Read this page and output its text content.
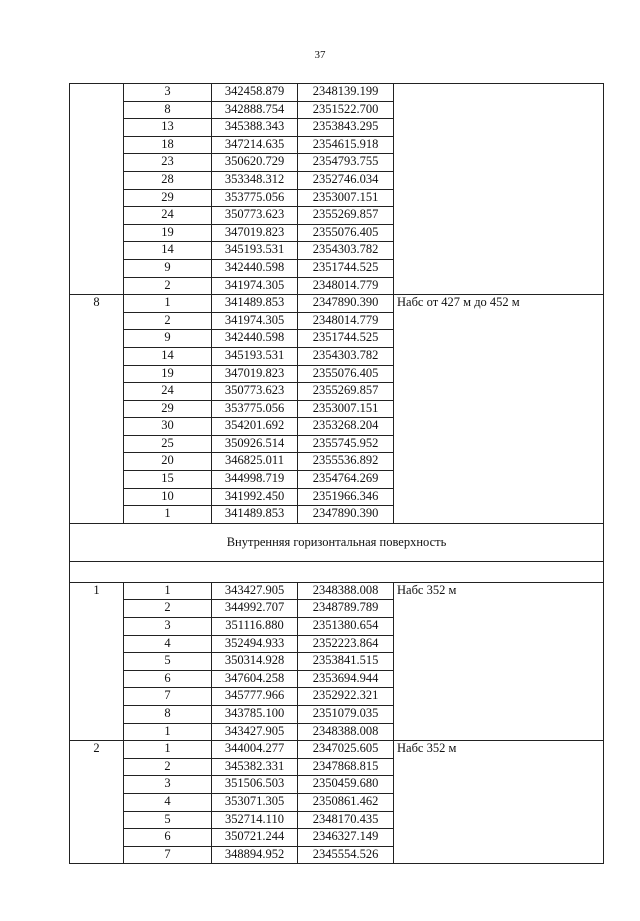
37
	3	342458.879	2348139.199	
	8	342888.754	2351522.700	
	13	345388.343	2353843.295	
	18	347214.635	2354615.918	
	23	350620.729	2354793.755	
	28	353348.312	2352746.034	
	29	353775.056	2353007.151	
	24	350773.623	2355269.857	
	19	347019.823	2355076.405	
	14	345193.531	2354303.782	
	9	342440.598	2351744.525	
	2	341974.305	2348014.779	
8	1	341489.853	2347890.390	Набс от 427 м до 452 м
	2	341974.305	2348014.779	
	9	342440.598	2351744.525	
	14	345193.531	2354303.782	
	19	347019.823	2355076.405	
	24	350773.623	2355269.857	
	29	353775.056	2353007.151	
	30	354201.692	2353268.204	
	25	350926.514	2355745.952	
	20	346825.011	2355536.892	
	15	344998.719	2354764.269	
	10	341992.450	2351966.346	
	1	341489.853	2347890.390	
Внутренняя горизонтальная поверхность				

1	1	343427.905	2348388.008	Набс 352 м
	2	344992.707	2348789.789	
	3	351116.880	2351380.654	
	4	352494.933	2352223.864	
	5	350314.928	2353841.515	
	6	347604.258	2353694.944	
	7	345777.966	2352922.321	
	8	343785.100	2351079.035	
	1	343427.905	2348388.008	
2	1	344004.277	2347025.605	Набс 352 м
	2	345382.331	2347868.815	
	3	351506.503	2350459.680	
	4	353071.305	2350861.462	
	5	352714.110	2348170.435	
	6	350721.244	2346327.149	
	7	348894.952	2345554.526	
